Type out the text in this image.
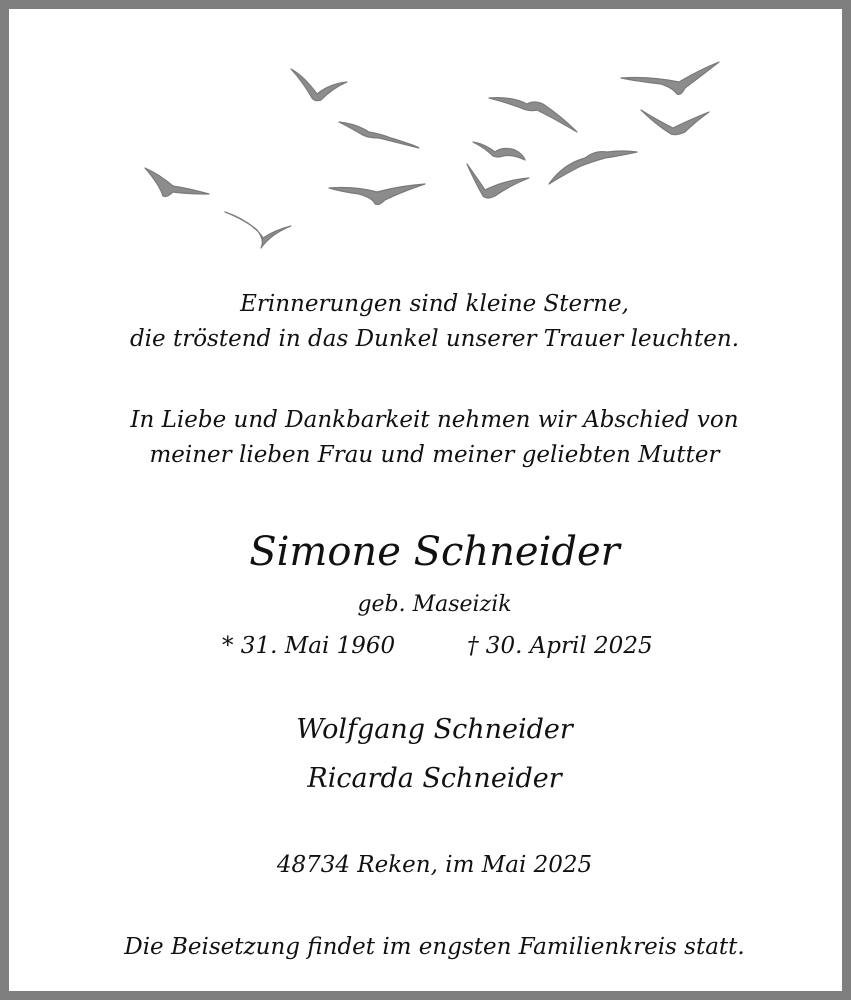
Erinnerungen sind kleine Sterne,
die tröstend in das Dunkel unserer Trauer leuchten.
In Liebe und Dankbarkeit nehmen wir Abschied von
meiner lieben Frau und meiner geliebten Mutter
Simone Schneider
geb. Maseizik
* 31. Mai 1960	† 30. April 2025
Wolfgang Schneider
Ricarda Schneider
48734 Reken, im Mai 2025
Die Beisetzung findet im engsten Familienkreis statt.
